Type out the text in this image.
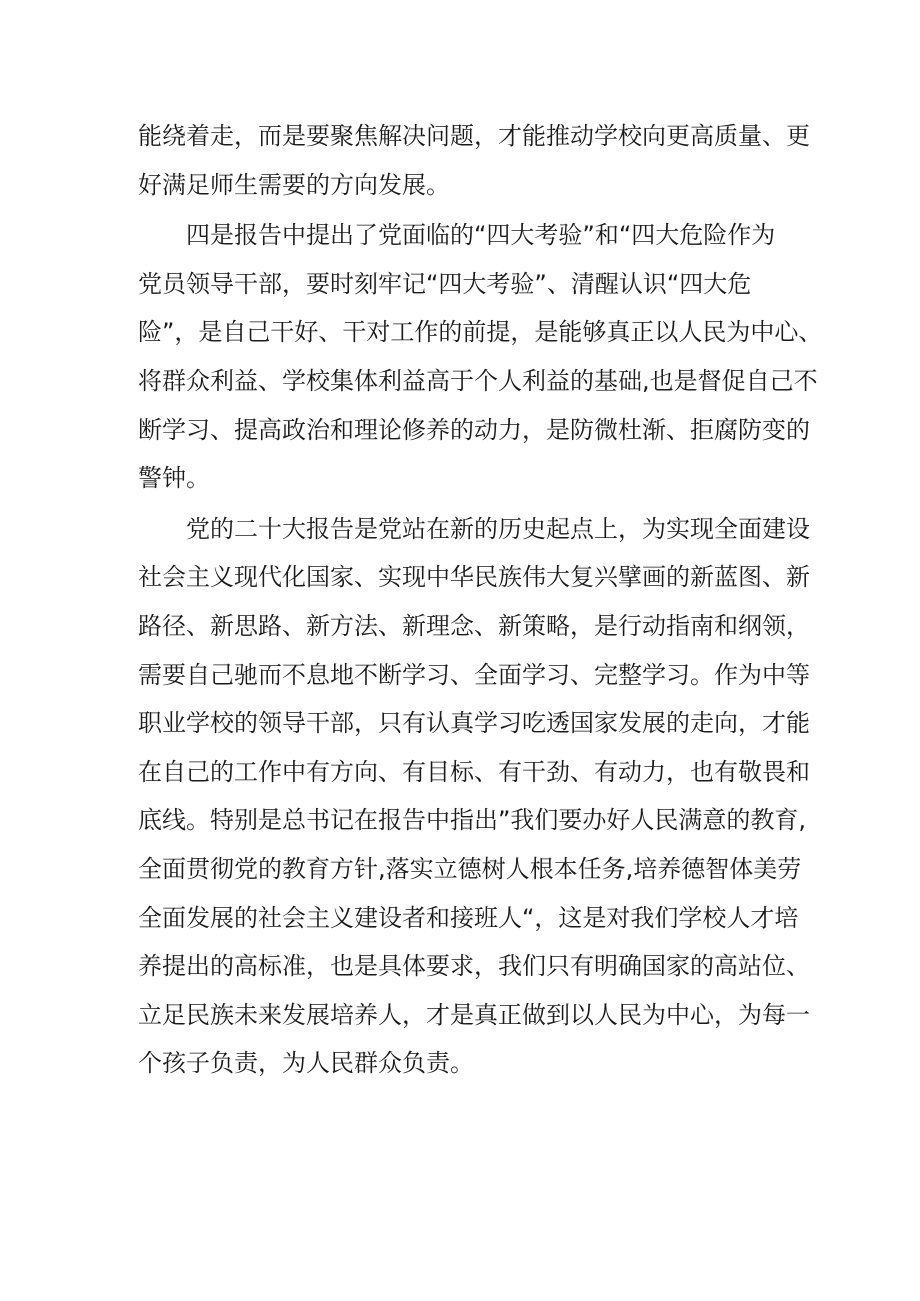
能绕着走，而是要聚焦解决问题，才能推动学校向更高质量、更
好满足师生需要的方向发展。
四是报告中提出了党面临的“四大考验”和“四大危险作为
党员领导干部，要时刻牢记“四大考验”、清醒认识“四大危
险”，是自己干好、干对工作的前提，是能够真正以人民为中心、
将群众利益、学校集体利益高于个人利益的基础,也是督促自己不
断学习、提高政治和理论修养的动力，是防微杜渐、拒腐防变的
警钟。
党的二十大报告是党站在新的历史起点上，为实现全面建设
社会主义现代化国家、实现中华民族伟大复兴擘画的新蓝图、新
路径、新思路、新方法、新理念、新策略，是行动指南和纲领，
需要自己驰而不息地不断学习、全面学习、完整学习。作为中等
职业学校的领导干部，只有认真学习吃透国家发展的走向，才能
在自己的工作中有方向、有目标、有干劲、有动力，也有敬畏和
底线。特别是总书记在报告中指出”我们要办好人民满意的教育,
全面贯彻党的教育方针,落实立德树人根本任务,培养德智体美劳
全面发展的社会主义建设者和接班人“，这是对我们学校人才培
养提出的高标准，也是具体要求，我们只有明确国家的高站位、
立足民族未来发展培养人，才是真正做到以人民为中心，为每一
个孩子负责，为人民群众负责。
